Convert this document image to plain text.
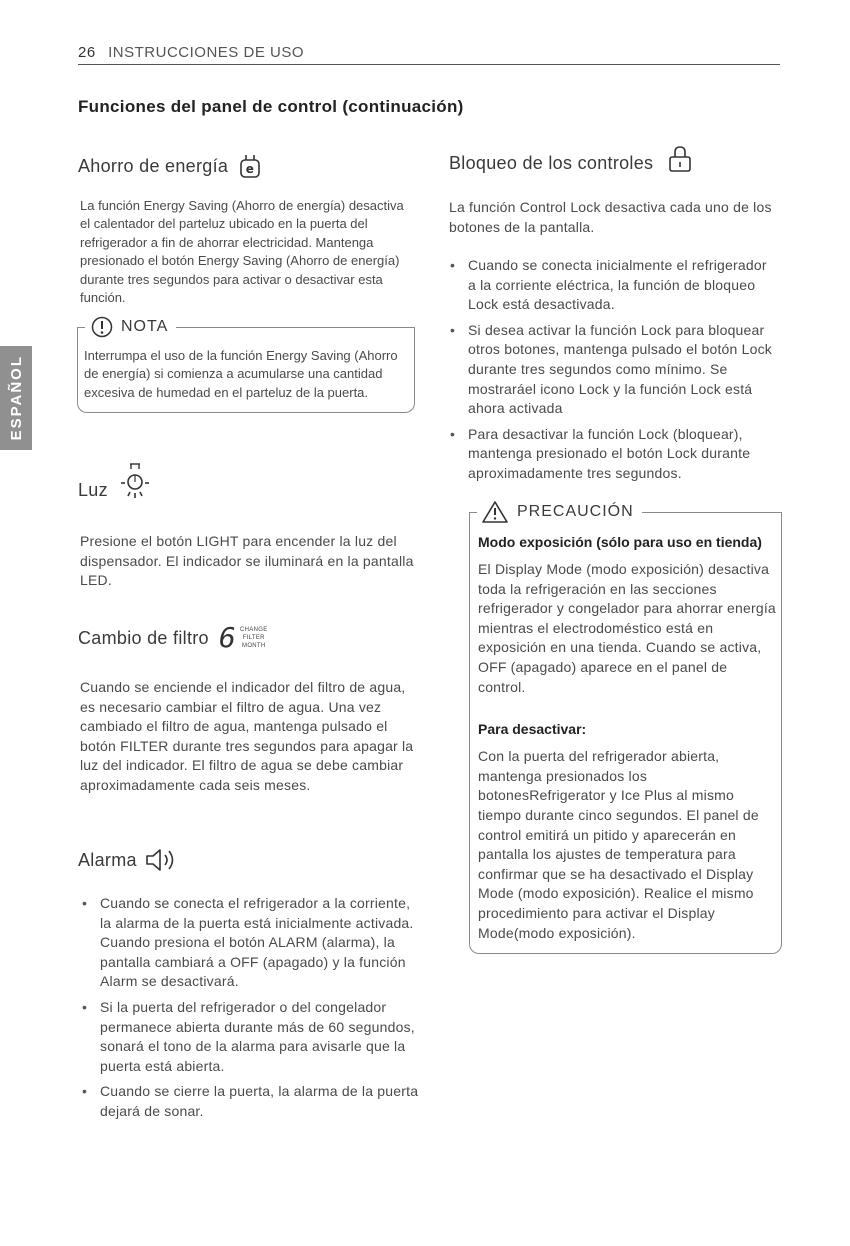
26 INSTRUCCIONES DE USO
Funciones del panel de control (continuación)
ESPAÑOL
Ahorro de energía e
La función Energy Saving (Ahorro de energía) desactiva el calentador del parteluz ubicado en la puerta del refrigerador a fin de ahorrar electricidad. Mantenga presionado el botón Energy Saving (Ahorro de energía) durante tres segundos para activar o desactivar esta función.
NOTA
Interrumpa el uso de la función Energy Saving (Ahorro de energía) si comienza a acumularse una cantidad excesiva de humedad en el parteluz de la puerta.
Luz
Presione el botón LIGHT para encender la luz del dispensador. El indicador se iluminará en la pantalla LED.
Cambio de filtro 6 CHANGE
FILTER
MONTH
Cuando se enciende el indicador del filtro de agua, es necesario cambiar el filtro de agua. Una vez cambiado el filtro de agua, mantenga pulsado el botón FILTER durante tres segundos para apagar la luz del indicador. El filtro de agua se debe cambiar aproximadamente cada seis meses.
Alarma
• Cuando se conecta el refrigerador a la corriente, la alarma de la puerta está inicialmente activada. Cuando presiona el botón ALARM (alarma), la pantalla cambiará a OFF (apagado) y la función Alarm se desactivará.
• Si la puerta del refrigerador o del congelador permanece abierta durante más de 60 segundos, sonará el tono de la alarma para avisarle que la puerta está abierta.
• Cuando se cierre la puerta, la alarma de la puerta dejará de sonar.
Bloqueo de los controles
La función Control Lock desactiva cada uno de los botones de la pantalla.
• Cuando se conecta inicialmente el refrigerador a la corriente eléctrica, la función de bloqueo Lock está desactivada.
• Si desea activar la función Lock para bloquear otros botones, mantenga pulsado el botón Lock durante tres segundos como mínimo. Se mostraráel icono Lock y la función Lock está ahora activada
• Para desactivar la función Lock (bloquear), mantenga presionado el botón Lock durante aproximadamente tres segundos.
PRECAUCIÓN
Modo exposición (sólo para uso en tienda)
El Display Mode (modo exposición) desactiva toda la refrigeración en las secciones refrigerador y congelador para ahorrar energía mientras el electrodoméstico está en exposición en una tienda. Cuando se activa, OFF (apagado) aparece en el panel de control.
Para desactivar:
Con la puerta del refrigerador abierta, mantenga presionados los botonesRefrigerator y Ice Plus al mismo tiempo durante cinco segundos. El panel de control emitirá un pitido y aparecerán en pantalla los ajustes de temperatura para confirmar que se ha desactivado el Display Mode (modo exposición). Realice el mismo procedimiento para activar el Display Mode(modo exposición).
